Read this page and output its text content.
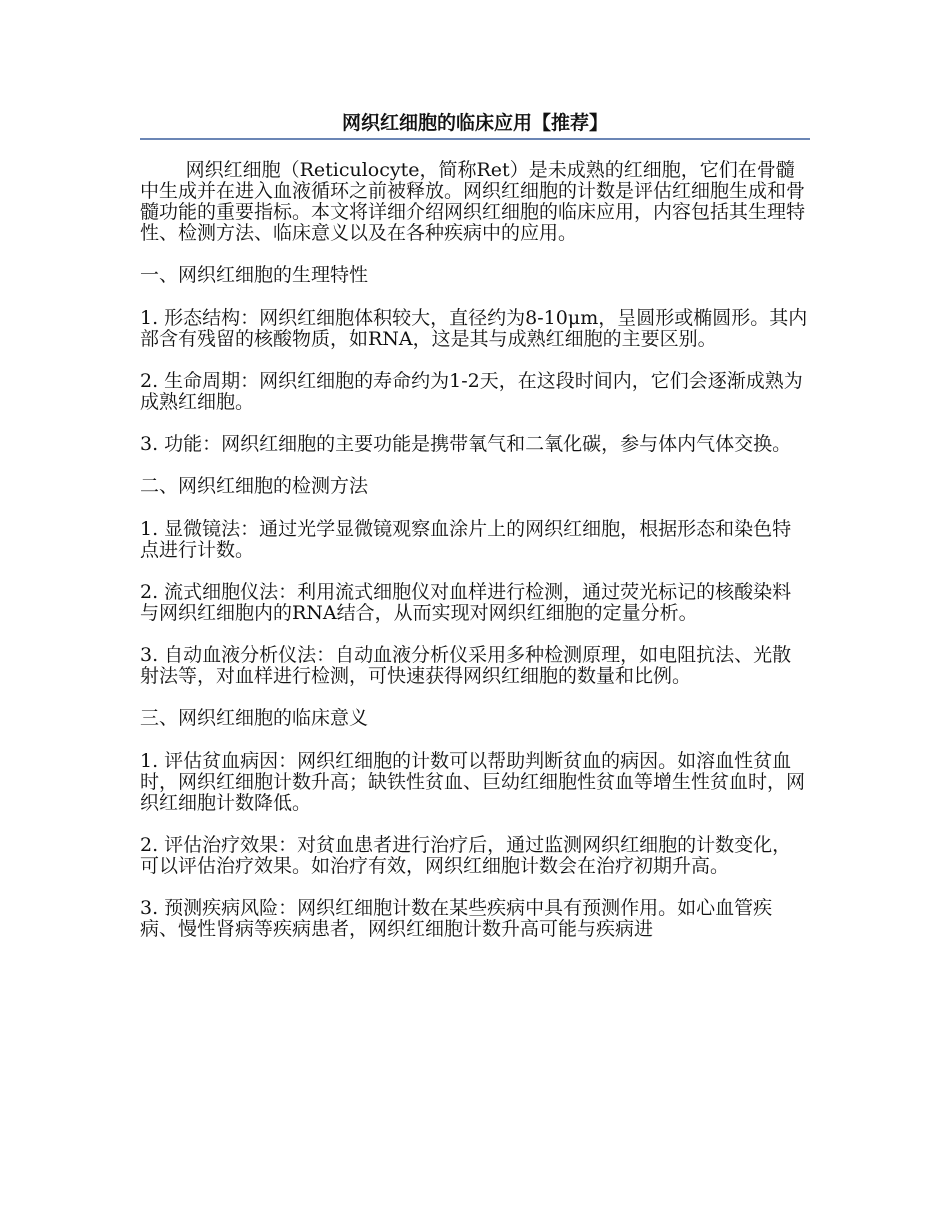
网织红细胞的临床应用【推荐】

网织红细胞（Reticulocyte，简称Ret）是未成熟的红细胞，它们在骨髓中生成并在进入血液循环之前被释放。网织红细胞的计数是评估红细胞生成和骨髓功能的重要指标。本文将详细介绍网织红细胞的临床应用，内容包括其生理特性、检测方法、临床意义以及在各种疾病中的应用。

一、网织红细胞的生理特性

1. 形态结构：网织红细胞体积较大，直径约为8-10μm，呈圆形或椭圆形。其内部含有残留的核酸物质，如RNA，这是其与成熟红细胞的主要区别。

2. 生命周期：网织红细胞的寿命约为1-2天，在这段时间内，它们会逐渐成熟为成熟红细胞。

3. 功能：网织红细胞的主要功能是携带氧气和二氧化碳，参与体内气体交换。

二、网织红细胞的检测方法

1. 显微镜法：通过光学显微镜观察血涂片上的网织红细胞，根据形态和染色特点进行计数。

2. 流式细胞仪法：利用流式细胞仪对血样进行检测，通过荧光标记的核酸染料与网织红细胞内的RNA结合，从而实现对网织红细胞的定量分析。

3. 自动血液分析仪法：自动血液分析仪采用多种检测原理，如电阻抗法、光散射法等，对血样进行检测，可快速获得网织红细胞的数量和比例。

三、网织红细胞的临床意义

1. 评估贫血病因：网织红细胞的计数可以帮助判断贫血的病因。如溶血性贫血时，网织红细胞计数升高；缺铁性贫血、巨幼红细胞性贫血等增生性贫血时，网织红细胞计数降低。

2. 评估治疗效果：对贫血患者进行治疗后，通过监测网织红细胞的计数变化，可以评估治疗效果。如治疗有效，网织红细胞计数会在治疗初期升高。

3. 预测疾病风险：网织红细胞计数在某些疾病中具有预测作用。如心血管疾病、慢性肾病等疾病患者，网织红细胞计数升高可能与疾病进
